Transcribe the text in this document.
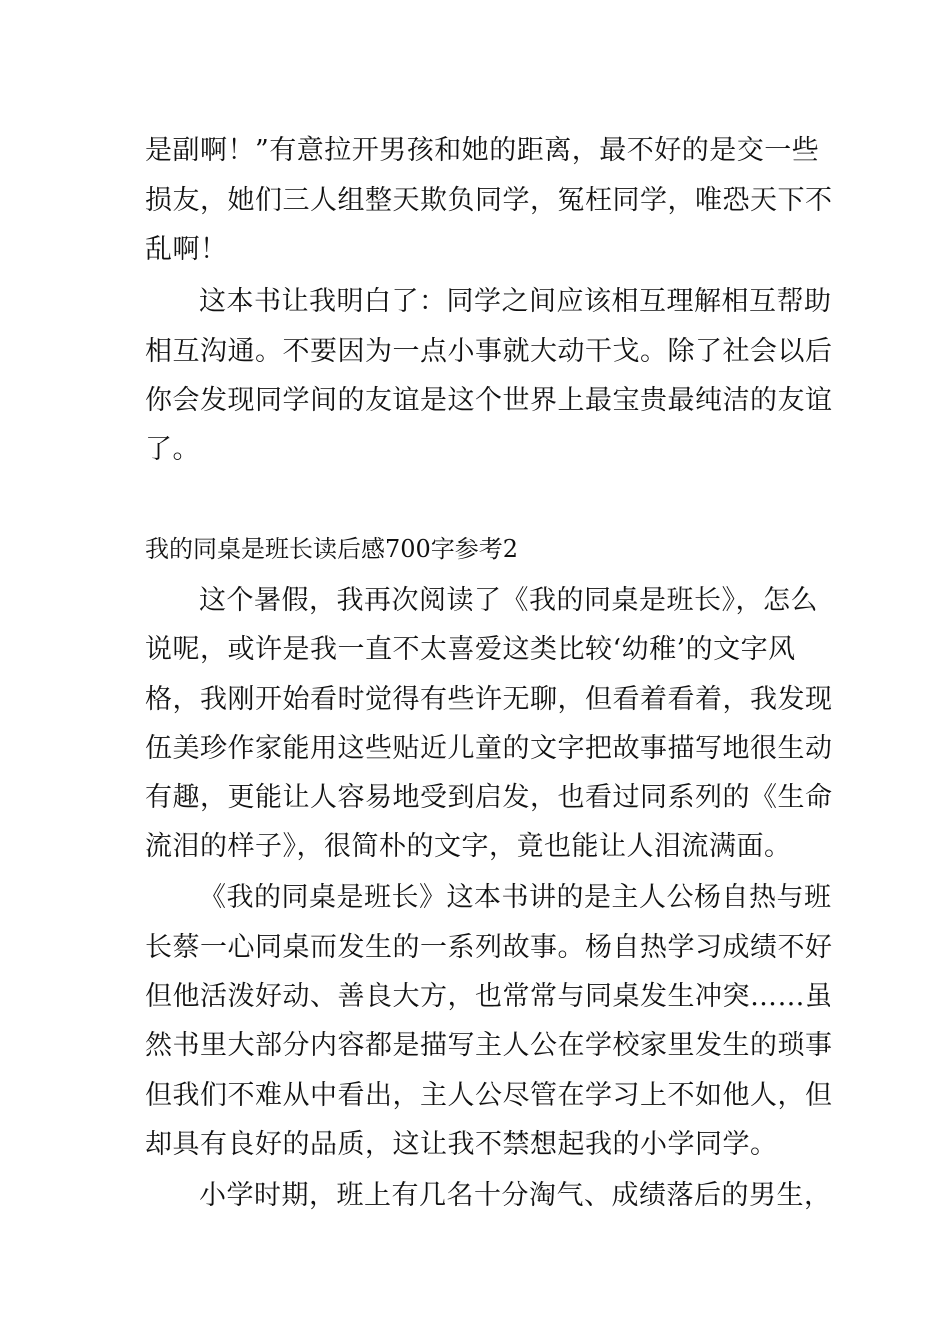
是副啊！”有意拉开男孩和她的距离，最不好的是交一些
损友，她们三人组整天欺负同学，冤枉同学，唯恐天下不
乱啊！
这本书让我明白了：同学之间应该相互理解相互帮助
相互沟通。不要因为一点小事就大动干戈。除了社会以后
你会发现同学间的友谊是这个世界上最宝贵最纯洁的友谊
了。
我的同桌是班长读后感700字参考2
这个暑假，我再次阅读了《我的同桌是班长》，怎么
说呢，或许是我一直不太喜爱这类比较‘幼稚’的文字风
格，我刚开始看时觉得有些许无聊，但看着看着，我发现
伍美珍作家能用这些贴近儿童的文字把故事描写地很生动
有趣，更能让人容易地受到启发，也看过同系列的《生命
流泪的样子》，很简朴的文字，竟也能让人泪流满面。
《我的同桌是班长》这本书讲的是主人公杨自热与班
长蔡一心同桌而发生的一系列故事。杨自热学习成绩不好
但他活泼好动、善良大方，也常常与同桌发生冲突……虽
然书里大部分内容都是描写主人公在学校家里发生的琐事
但我们不难从中看出，主人公尽管在学习上不如他人，但
却具有良好的品质，这让我不禁想起我的小学同学。
小学时期，班上有几名十分淘气、成绩落后的男生，
